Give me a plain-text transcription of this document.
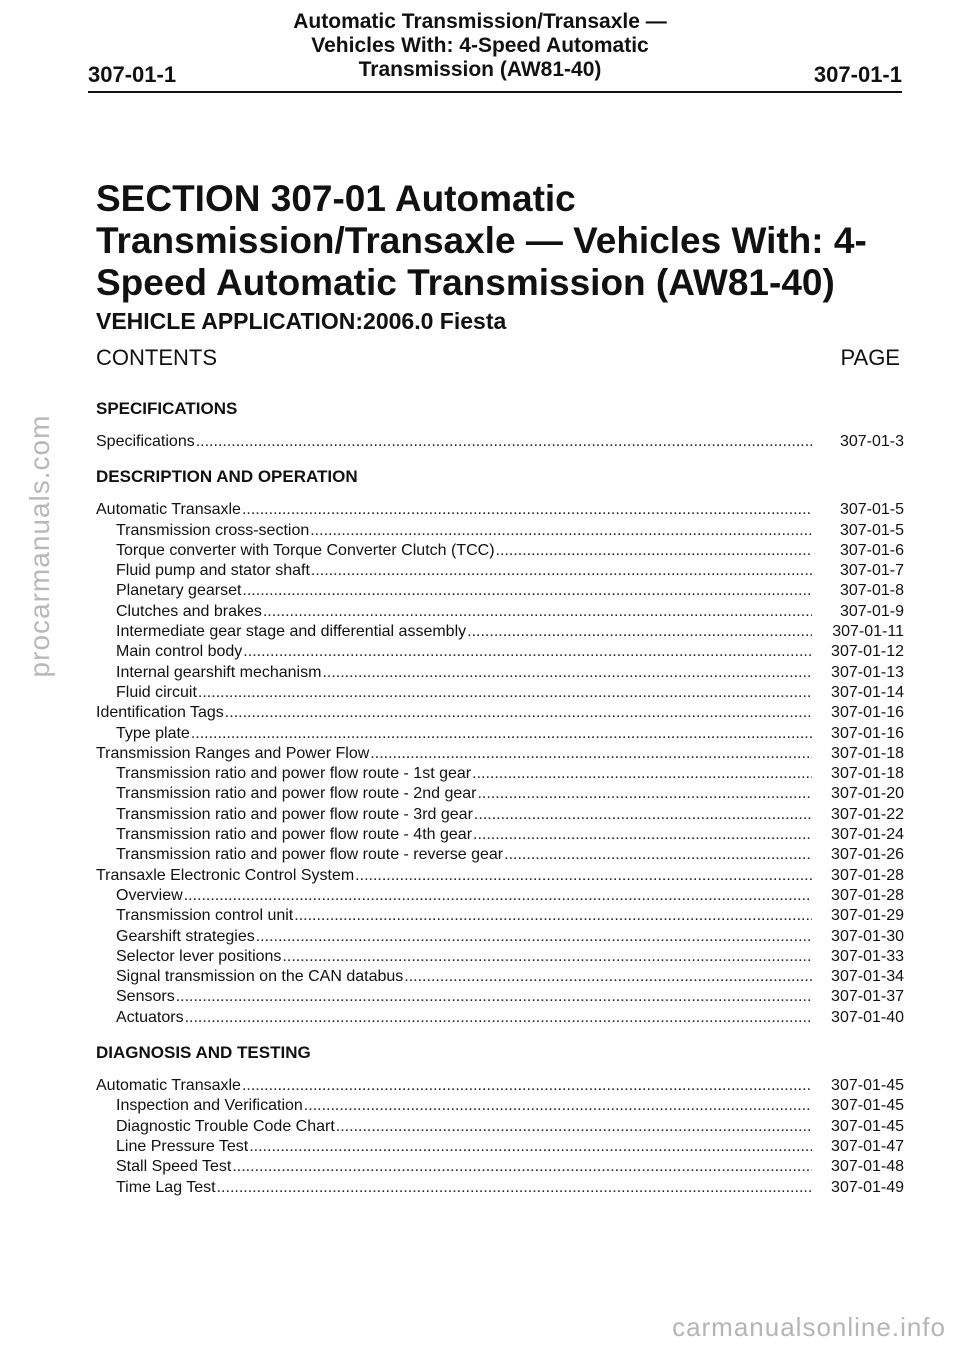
307-01-1
Automatic Transmission/Transaxle —
Vehicles With: 4-Speed Automatic
Transmission (AW81-40)	307-01-1
SECTION 307-01 Automatic Transmission/Transaxle — Vehicles With: 4-Speed Automatic Transmission (AW81-40)
VEHICLE APPLICATION:2006.0 Fiesta
CONTENTS	PAGE
SPECIFICATIONS
Specifications .....	307-01-3
DESCRIPTION AND OPERATION
Automatic Transaxle .....	307-01-5
Transmission cross-section .....	307-01-5
Torque converter with Torque Converter Clutch (TCC) .....	307-01-6
Fluid pump and stator shaft .....	307-01-7
Planetary gearset .....	307-01-8
Clutches and brakes .....	307-01-9
Intermediate gear stage and differential assembly .....	307-01-11
Main control body .....	307-01-12
Internal gearshift mechanism .....	307-01-13
Fluid circuit .....	307-01-14
Identification Tags .....	307-01-16
Type plate .....	307-01-16
Transmission Ranges and Power Flow .....	307-01-18
Transmission ratio and power flow route - 1st gear .....	307-01-18
Transmission ratio and power flow route - 2nd gear .....	307-01-20
Transmission ratio and power flow route - 3rd gear .....	307-01-22
Transmission ratio and power flow route - 4th gear .....	307-01-24
Transmission ratio and power flow route - reverse gear .....	307-01-26
Transaxle Electronic Control System .....	307-01-28
Overview .....	307-01-28
Transmission control unit .....	307-01-29
Gearshift strategies .....	307-01-30
Selector lever positions .....	307-01-33
Signal transmission on the CAN databus .....	307-01-34
Sensors .....	307-01-37
Actuators .....	307-01-40
DIAGNOSIS AND TESTING
Automatic Transaxle .....	307-01-45
Inspection and Verification .....	307-01-45
Diagnostic Trouble Code Chart .....	307-01-45
Line Pressure Test .....	307-01-47
Stall Speed Test .....	307-01-48
Time Lag Test .....	307-01-49
procarmanuals.com
carmanualsonline.info
